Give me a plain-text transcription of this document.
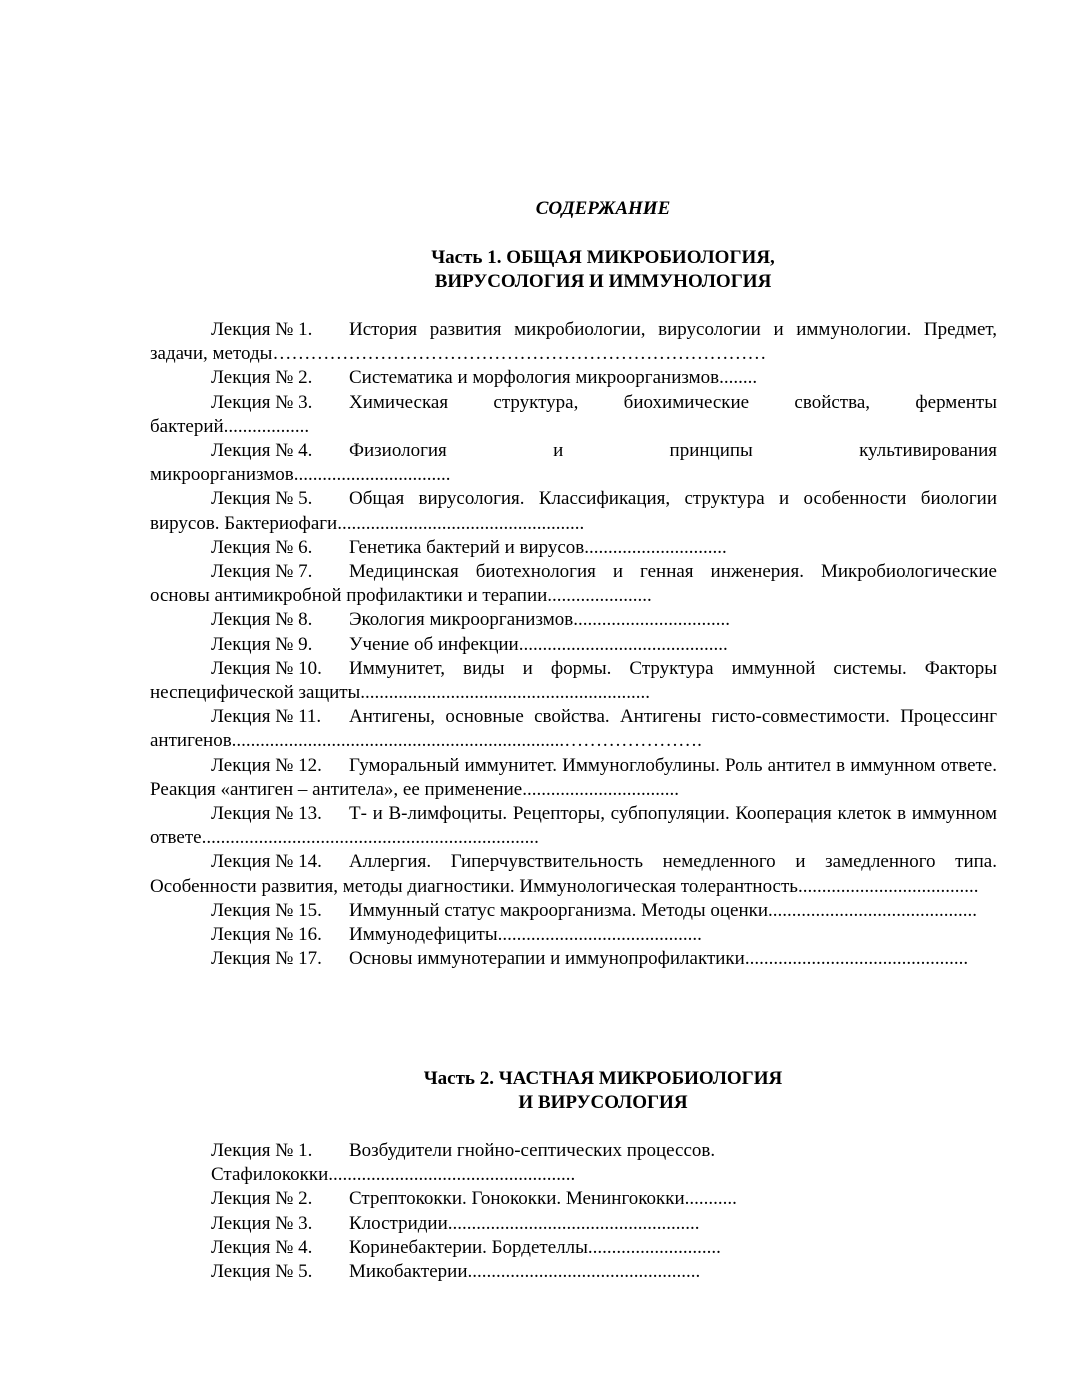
СОДЕРЖАНИЕ
Часть 1. ОБЩАЯ МИКРОБИОЛОГИЯ,
ВИРУСОЛОГИЯ И ИММУНОЛОГИЯ

Лекция № 1. История развития микробиологии, вирусологии и иммунологии. Предмет, задачи, методы……………………………………………………………………

Лекция № 2. Систематика и морфология микроорганизмов........

Лекция № 3. Химическая структура, биохимические свойства, ферменты бактерий..................

Лекция № 4. Физиология и принципы культивирования микроорганизмов.................................

Лекция № 5. Общая вирусология. Классификация, структура и особенности биологии вирусов. Бактериофаги....................................................

Лекция № 6. Генетика бактерий и вирусов..............................

Лекция № 7. Медицинская биотехнология и генная инженерия. Микробиологические основы антимикробной профилактики и терапии......................

Лекция № 8. Экология микроорганизмов.................................

Лекция № 9. Учение об инфекции............................................

Лекция № 10. Иммунитет, виды и формы. Структура иммунной системы. Факторы неспецифической защиты.............................................................

Лекция № 11. Антигены, основные свойства. Антигены гисто-совместимости. Процессинг антигенов......................................................................………………….

Лекция № 12. Гуморальный иммунитет. Иммуноглобулины. Роль антител в иммунном ответе. Реакция «антиген – антитела», ее применение.................................

Лекция № 13. Т- и В-лимфоциты. Рецепторы, субпопуляции. Кооперация клеток в иммунном ответе.......................................................................

Лекция № 14. Аллергия. Гиперчувствительность немедленного и замедленного типа. Особенности развития, методы диагностики. Иммунологическая толерантность......................................

Лекция № 15. Иммунный статус макроорганизма. Методы оценки............................................

Лекция № 16. Иммунодефициты...........................................

Лекция № 17. Основы иммунотерапии и иммунопрофилактики...............................................

Часть 2. ЧАСТНАЯ МИКРОБИОЛОГИЯ
И ВИРУСОЛОГИЯ

Лекция № 1. Возбудители гнойно-септических процессов.

Стафилококки....................................................

Лекция № 2. Стрептококки. Гонококки. Менингококки...........

Лекция № 3. Клостридии.....................................................

Лекция № 4. Коринебактерии. Бордетеллы............................

Лекция № 5. Микобактерии.................................................
